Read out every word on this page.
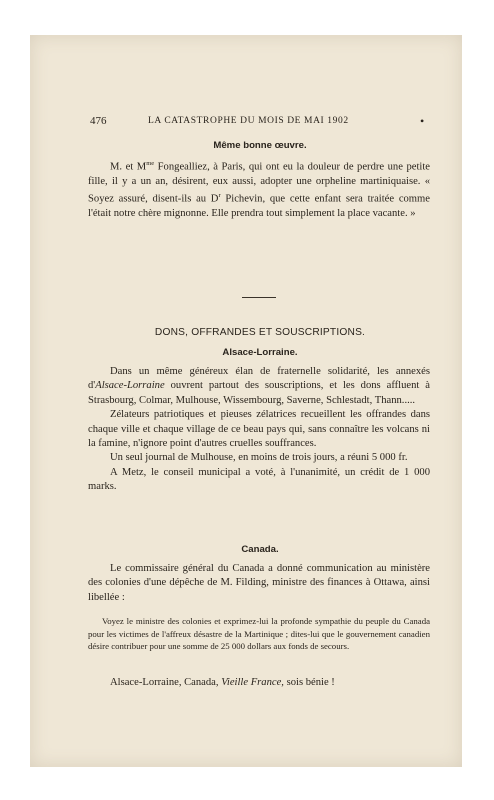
476	LA CATASTROPHE DU MOIS DE MAI 1902	•
Même bonne œuvre.

M. et $M^{me}$ Fongealliez, à Paris, qui ont eu la douleur de perdre une petite fille, il y a un an, désirent, eux aussi, adopter une orpheline martiniquaise. « Soyez assuré, disent-ils au $D^r$ Pichevin, que cette enfant sera traitée comme l'était notre chère mignonne. Elle prendra tout simplement la place vacante. »

DONS, OFFRANDES ET SOUSCRIPTIONS.
Alsace-Lorraine.

Dans un même généreux élan de fraternelle solidarité, les annexés d'Alsace-Lorraine ouvrent partout des souscriptions, et les dons affluent à Strasbourg, Colmar, Mulhouse, Wissembourg, Saverne, Schlestadt, Thann.....

Zélateurs patriotiques et pieuses zélatrices recueillent les offrandes dans chaque ville et chaque village de ce beau pays qui, sans connaître les volcans ni la famine, n'ignore point d'autres cruelles souffrances.

Un seul journal de Mulhouse, en moins de trois jours, a réuni 5 000 fr.

A Metz, le conseil municipal a voté, à l'unanimité, un crédit de 1 000 marks.

Canada.

Le commissaire général du Canada a donné communication au ministère des colonies d'une dépêche de M. Filding, ministre des finances à Ottawa, ainsi libellée :

Voyez le ministre des colonies et exprimez-lui la profonde sympathie du peuple du Canada pour les victimes de l'affreux désastre de la Martinique ; dites-lui que le gouvernement canadien désire contribuer pour une somme de 25 000 dollars aux fonds de secours.

Alsace-Lorraine, Canada, Vieille France, sois bénie !
